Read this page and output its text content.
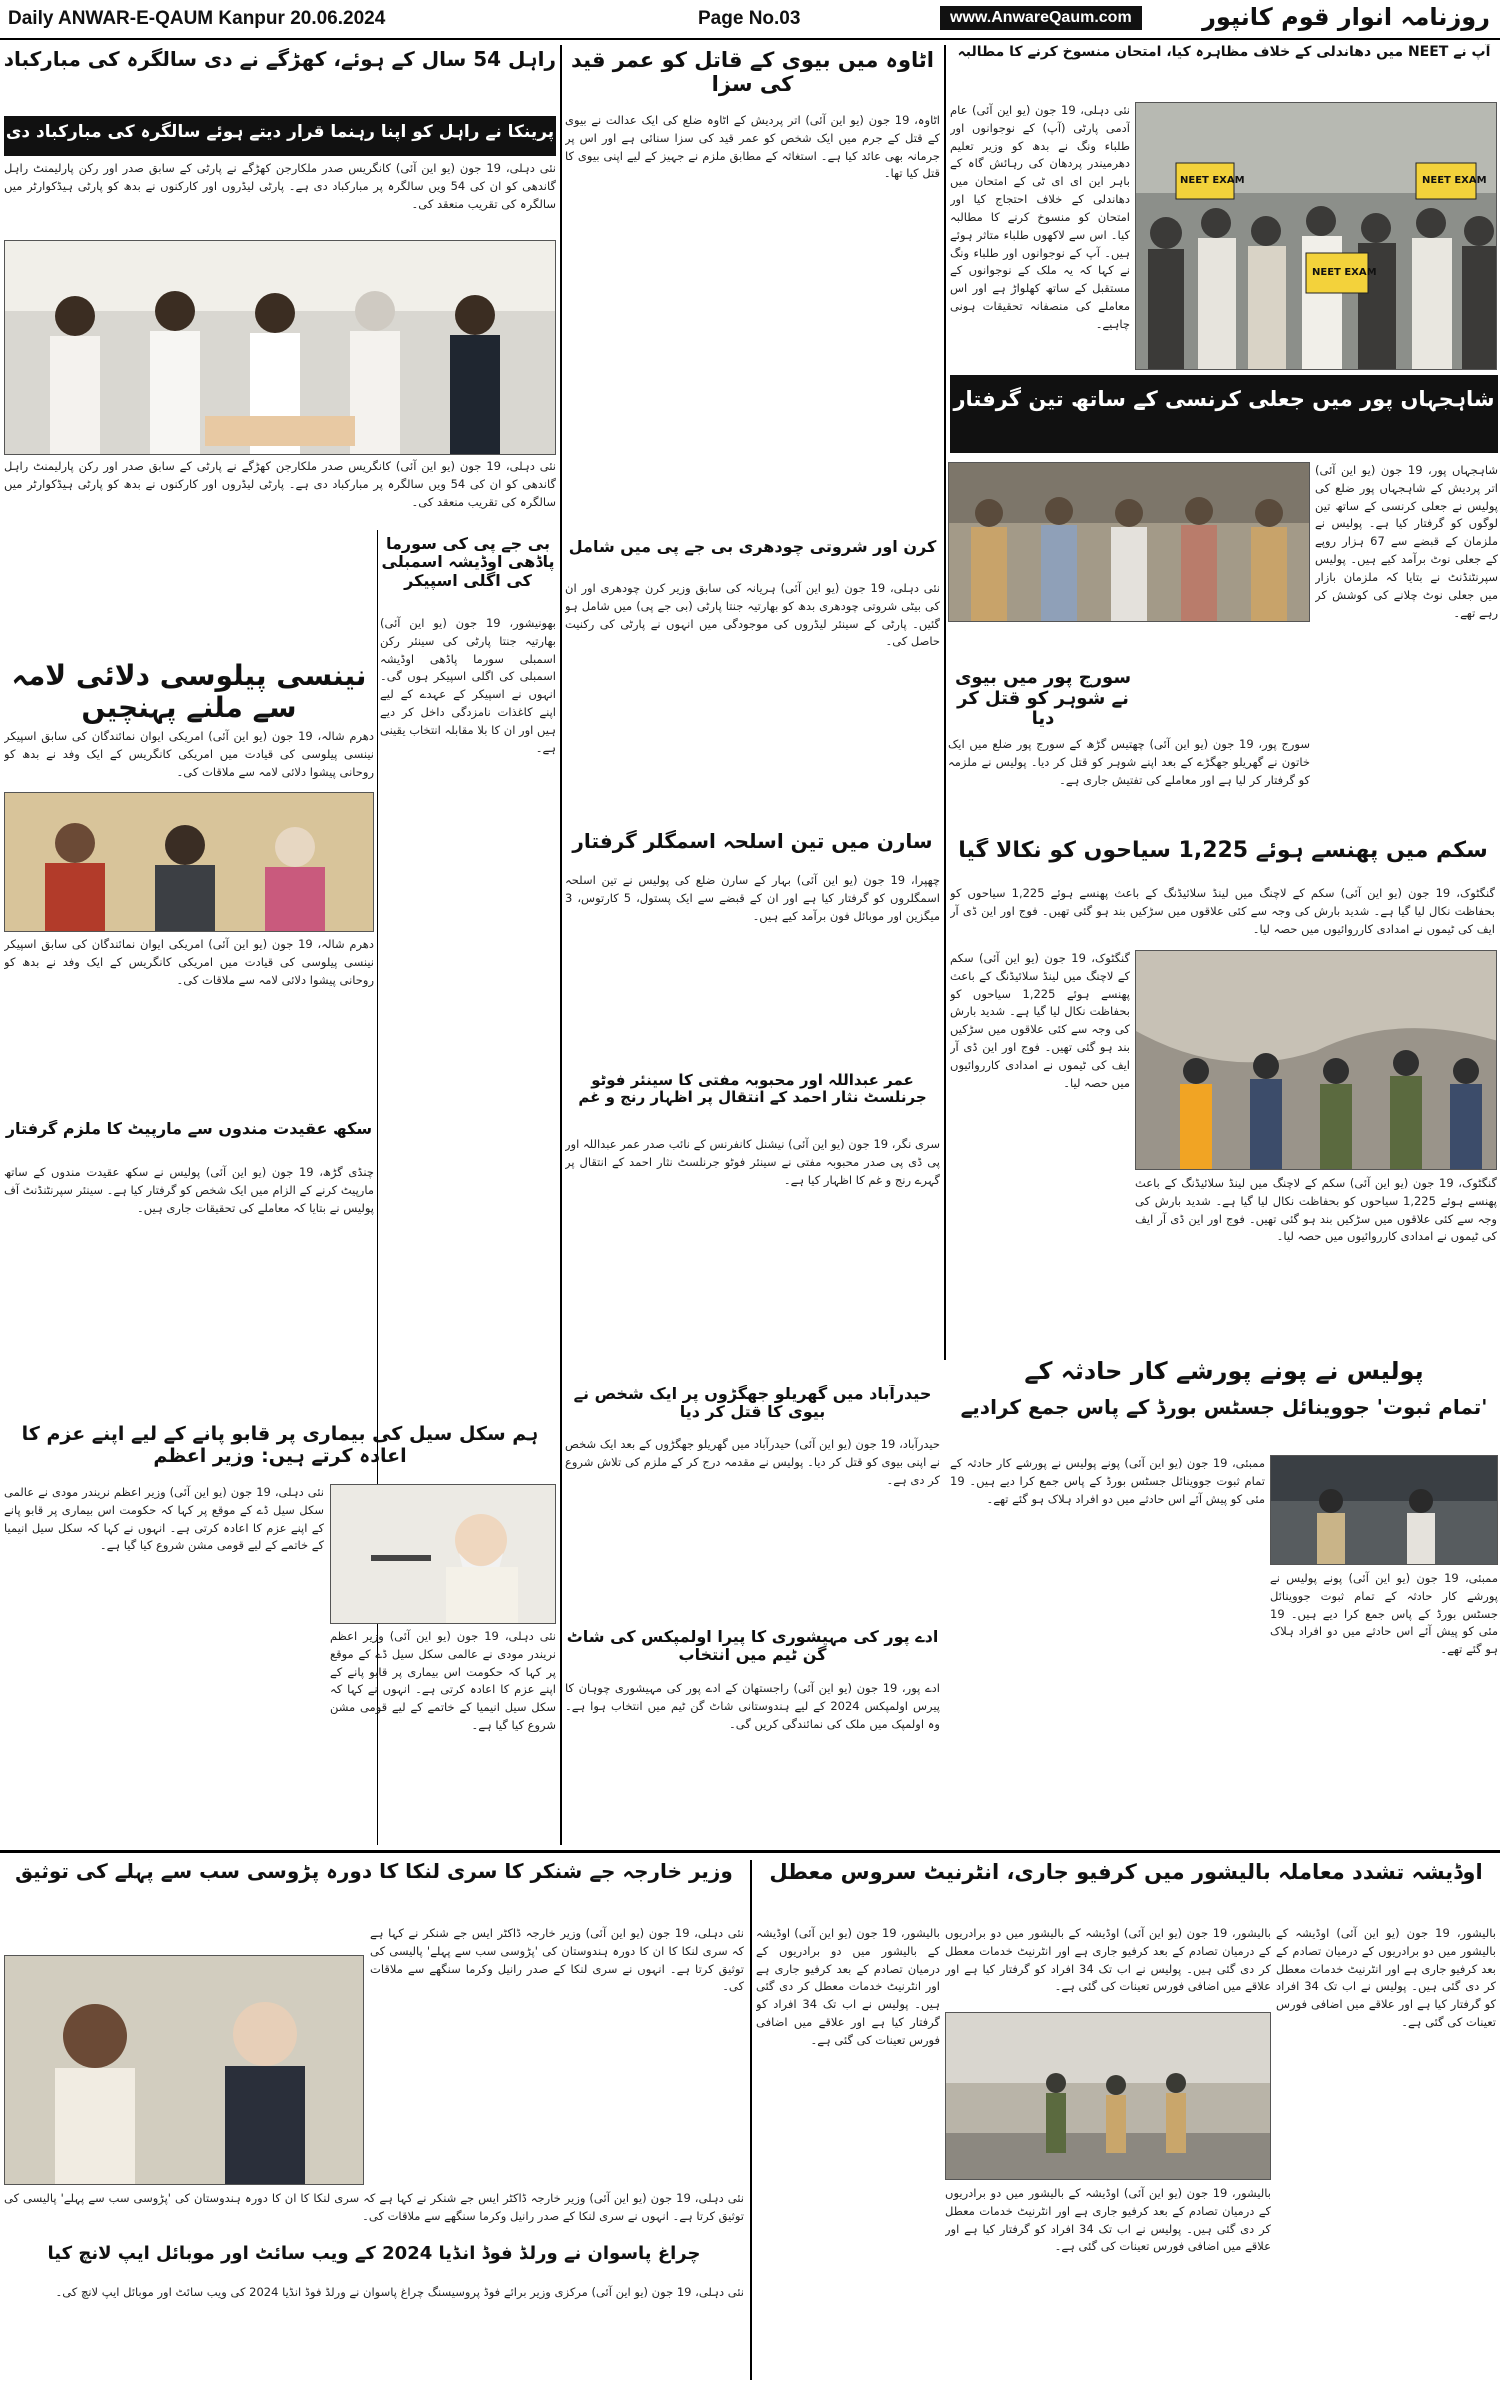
Daily ANWAR-E-QAUM Kanpur 20.06.2024	Page No.03	www.AnwareQaum.com	روزنامہ انوار قوم کانپور
آپ نے NEET میں دھاندلی کے خلاف مظاہرہ کیا، امتحان منسوخ کرنے کا مطالبہ
NEET EXAM
NEET EXAM
NEET EXAM
نئی دہلی، 19 جون (یو این آئی) عام آدمی پارٹی (آپ) کے نوجوانوں اور طلباء ونگ نے بدھ کو وزیر تعلیم دھرمیندر پردھان کی رہائش گاہ کے باہر این ای ای ٹی کے امتحان میں دھاندلی کے خلاف احتجاج کیا اور امتحان کو منسوخ کرنے کا مطالبہ کیا۔ اس سے لاکھوں طلباء متاثر ہوئے ہیں۔ آپ کے نوجوانوں اور طلباء ونگ نے کہا کہ یہ ملک کے نوجوانوں کے مستقبل کے ساتھ کھلواڑ ہے اور اس معاملے کی منصفانہ تحقیقات ہونی چاہیے۔
شاہجہاں پور میں جعلی کرنسی کے ساتھ تین گرفتار
شاہجہاں پور، 19 جون (یو این آئی) اتر پردیش کے شاہجہاں پور ضلع کی پولیس نے جعلی کرنسی کے ساتھ تین لوگوں کو گرفتار کیا ہے۔ پولیس نے ملزمان کے قبضے سے 67 ہزار روپے کے جعلی نوٹ برآمد کیے ہیں۔ پولیس سپرنٹنڈنٹ نے بتایا کہ ملزمان بازار میں جعلی نوٹ چلانے کی کوشش کر رہے تھے۔
سورج پور میں بیوی نے شوہر کو قتل کر دیا
سورج پور، 19 جون (یو این آئی) چھتیس گڑھ کے سورج پور ضلع میں ایک خاتون نے گھریلو جھگڑے کے بعد اپنے شوہر کو قتل کر دیا۔ پولیس نے ملزمہ کو گرفتار کر لیا ہے اور معاملے کی تفتیش جاری ہے۔
سکم میں پھنسے ہوئے 1,225 سیاحوں کو نکالا گیا
گنگٹوک، 19 جون (یو این آئی) سکم کے لاچنگ میں لینڈ سلائیڈنگ کے باعث پھنسے ہوئے 1,225 سیاحوں کو بحفاظت نکال لیا گیا ہے۔ شدید بارش کی وجہ سے کئی علاقوں میں سڑکیں بند ہو گئی تھیں۔ فوج اور این ڈی آر ایف کی ٹیموں نے امدادی کارروائیوں میں حصہ لیا۔
گنگٹوک، 19 جون (یو این آئی) سکم کے لاچنگ میں لینڈ سلائیڈنگ کے باعث پھنسے ہوئے 1,225 سیاحوں کو بحفاظت نکال لیا گیا ہے۔ شدید بارش کی وجہ سے کئی علاقوں میں سڑکیں بند ہو گئی تھیں۔ فوج اور این ڈی آر ایف کی ٹیموں نے امدادی کارروائیوں میں حصہ لیا۔
گنگٹوک، 19 جون (یو این آئی) سکم کے لاچنگ میں لینڈ سلائیڈنگ کے باعث پھنسے ہوئے 1,225 سیاحوں کو بحفاظت نکال لیا گیا ہے۔ شدید بارش کی وجہ سے کئی علاقوں میں سڑکیں بند ہو گئی تھیں۔ فوج اور این ڈی آر ایف کی ٹیموں نے امدادی کارروائیوں میں حصہ لیا۔
پولیس نے پونے پورشے کار حادثہ کے
'تمام ثبوت' جووینائل جسٹس بورڈ کے پاس جمع کرادیے
ممبئی، 19 جون (یو این آئی) پونے پولیس نے پورشے کار حادثہ کے تمام ثبوت جووینائل جسٹس بورڈ کے پاس جمع کرا دیے ہیں۔ 19 مئی کو پیش آئے اس حادثے میں دو افراد ہلاک ہو گئے تھے۔
ممبئی، 19 جون (یو این آئی) پونے پولیس نے پورشے کار حادثہ کے تمام ثبوت جووینائل جسٹس بورڈ کے پاس جمع کرا دیے ہیں۔ 19 مئی کو پیش آئے اس حادثے میں دو افراد ہلاک ہو گئے تھے۔
اٹاوہ میں بیوی کے قاتل کو عمر قید کی سزا
اٹاوہ، 19 جون (یو این آئی) اتر پردیش کے اٹاوہ ضلع کی ایک عدالت نے بیوی کے قتل کے جرم میں ایک شخص کو عمر قید کی سزا سنائی ہے اور اس پر جرمانہ بھی عائد کیا ہے۔ استغاثہ کے مطابق ملزم نے جہیز کے لیے اپنی بیوی کا قتل کیا تھا۔
کرن اور شروتی چودھری بی جے پی میں شامل
نئی دہلی، 19 جون (یو این آئی) ہریانہ کی سابق وزیر کرن چودھری اور ان کی بیٹی شروتی چودھری بدھ کو بھارتیہ جنتا پارٹی (بی جے پی) میں شامل ہو گئیں۔ پارٹی کے سینئر لیڈروں کی موجودگی میں انہوں نے پارٹی کی رکنیت حاصل کی۔
سارن میں تین اسلحہ اسمگلر گرفتار
چھپرا، 19 جون (یو این آئی) بہار کے سارن ضلع کی پولیس نے تین اسلحہ اسمگلروں کو گرفتار کیا ہے اور ان کے قبضے سے ایک پستول، 5 کارتوس، 3 میگزین اور موبائل فون برآمد کیے ہیں۔
عمر عبداللہ اور محبوبہ مفتی کا سینئر فوٹو جرنلسٹ نثار احمد کے انتقال پر اظہار رنج و غم
سری نگر، 19 جون (یو این آئی) نیشنل کانفرنس کے نائب صدر عمر عبداللہ اور پی ڈی پی صدر محبوبہ مفتی نے سینئر فوٹو جرنلسٹ نثار احمد کے انتقال پر گہرے رنج و غم کا اظہار کیا ہے۔
حیدرآباد میں گھریلو جھگڑوں پر ایک شخص نے بیوی کا قتل کر دیا
حیدرآباد، 19 جون (یو این آئی) حیدرآباد میں گھریلو جھگڑوں کے بعد ایک شخص نے اپنی بیوی کو قتل کر دیا۔ پولیس نے مقدمہ درج کر کے ملزم کی تلاش شروع کر دی ہے۔
ادے پور کی مہیشوری کا پیرا اولمپکس کی شاٹ گن ٹیم میں انتخاب
ادے پور، 19 جون (یو این آئی) راجستھان کے ادے پور کی مہیشوری چوہان کا پیرس اولمپکس 2024 کے لیے ہندوستانی شاٹ گن ٹیم میں انتخاب ہوا ہے۔ وہ اولمپک میں ملک کی نمائندگی کریں گی۔
راہل 54 سال کے ہوئے، کھڑگے نے دی سالگرہ کی مبارکباد
پرینکا نے راہل کو اپنا رہنما قرار دیتے ہوئے سالگرہ کی مبارکباد دی
نئی دہلی، 19 جون (یو این آئی) کانگریس صدر ملکارجن کھڑگے نے پارٹی کے سابق صدر اور رکن پارلیمنٹ راہل گاندھی کو ان کی 54 ویں سالگرہ پر مبارکباد دی ہے۔ پارٹی لیڈروں اور کارکنوں نے بدھ کو پارٹی ہیڈکوارٹر میں سالگرہ کی تقریب منعقد کی۔
نئی دہلی، 19 جون (یو این آئی) کانگریس صدر ملکارجن کھڑگے نے پارٹی کے سابق صدر اور رکن پارلیمنٹ راہل گاندھی کو ان کی 54 ویں سالگرہ پر مبارکباد دی ہے۔ پارٹی لیڈروں اور کارکنوں نے بدھ کو پارٹی ہیڈکوارٹر میں سالگرہ کی تقریب منعقد کی۔
بی جے پی کی سورما پاڈھی اوڈیشہ اسمبلی کی اگلی اسپیکر
بھونیشور، 19 جون (یو این آئی) بھارتیہ جنتا پارٹی کی سینئر رکن اسمبلی سورما پاڈھی اوڈیشہ اسمبلی کی اگلی اسپیکر ہوں گی۔ انہوں نے اسپیکر کے عہدے کے لیے اپنے کاغذات نامزدگی داخل کر دیے ہیں اور ان کا بلا مقابلہ انتخاب یقینی ہے۔
نینسی پیلوسی دلائی لامہ سے ملنے پہنچیں
دھرم شالہ، 19 جون (یو این آئی) امریکی ایوان نمائندگان کی سابق اسپیکر نینسی پیلوسی کی قیادت میں امریکی کانگریس کے ایک وفد نے بدھ کو روحانی پیشوا دلائی لامہ سے ملاقات کی۔
دھرم شالہ، 19 جون (یو این آئی) امریکی ایوان نمائندگان کی سابق اسپیکر نینسی پیلوسی کی قیادت میں امریکی کانگریس کے ایک وفد نے بدھ کو روحانی پیشوا دلائی لامہ سے ملاقات کی۔
سکھ عقیدت مندوں سے مارپیٹ کا ملزم گرفتار
چنڈی گڑھ، 19 جون (یو این آئی) پولیس نے سکھ عقیدت مندوں کے ساتھ مارپیٹ کرنے کے الزام میں ایک شخص کو گرفتار کیا ہے۔ سینئر سپرنٹنڈنٹ آف پولیس نے بتایا کہ معاملے کی تحقیقات جاری ہیں۔
ہم سکل سیل کی بیماری پر قابو پانے کے لیے اپنے عزم کا اعادہ کرتے ہیں: وزیر اعظم
نئی دہلی، 19 جون (یو این آئی) وزیر اعظم نریندر مودی نے عالمی سکل سیل ڈے کے موقع پر کہا کہ حکومت اس بیماری پر قابو پانے کے اپنے عزم کا اعادہ کرتی ہے۔ انہوں نے کہا کہ سکل سیل انیمیا کے خاتمے کے لیے قومی مشن شروع کیا گیا ہے۔
نئی دہلی، 19 جون (یو این آئی) وزیر اعظم نریندر مودی نے عالمی سکل سیل ڈے کے موقع پر کہا کہ حکومت اس بیماری پر قابو پانے کے اپنے عزم کا اعادہ کرتی ہے۔ انہوں نے کہا کہ سکل سیل انیمیا کے خاتمے کے لیے قومی مشن شروع کیا گیا ہے۔
وزیر خارجہ جے شنکر کا سری لنکا کا دورہ پڑوسی سب سے پہلے کی توثیق
نئی دہلی، 19 جون (یو این آئی) وزیر خارجہ ڈاکٹر ایس جے شنکر نے کہا ہے کہ سری لنکا کا ان کا دورہ ہندوستان کی 'پڑوسی سب سے پہلے' پالیسی کی توثیق کرتا ہے۔ انہوں نے سری لنکا کے صدر رانیل وکرما سنگھے سے ملاقات کی۔
نئی دہلی، 19 جون (یو این آئی) وزیر خارجہ ڈاکٹر ایس جے شنکر نے کہا ہے کہ سری لنکا کا ان کا دورہ ہندوستان کی 'پڑوسی سب سے پہلے' پالیسی کی توثیق کرتا ہے۔ انہوں نے سری لنکا کے صدر رانیل وکرما سنگھے سے ملاقات کی۔
چراغ پاسوان نے ورلڈ فوڈ انڈیا 2024 کے ویب سائٹ اور موبائل ایپ لانچ کیا
نئی دہلی، 19 جون (یو این آئی) مرکزی وزیر برائے فوڈ پروسیسنگ چراغ پاسوان نے ورلڈ فوڈ انڈیا 2024 کی ویب سائٹ اور موبائل ایپ لانچ کی۔
اوڈیشہ تشدد معاملہ بالیشور میں کرفیو جاری، انٹرنیٹ سروس معطل
بالیشور، 19 جون (یو این آئی) اوڈیشہ کے بالیشور میں دو برادریوں کے درمیان تصادم کے بعد کرفیو جاری ہے اور انٹرنیٹ خدمات معطل کر دی گئی ہیں۔ پولیس نے اب تک 34 افراد کو گرفتار کیا ہے اور علاقے میں اضافی فورس تعینات کی گئی ہے۔
بالیشور، 19 جون (یو این آئی) اوڈیشہ کے بالیشور میں دو برادریوں کے درمیان تصادم کے بعد کرفیو جاری ہے اور انٹرنیٹ خدمات معطل کر دی گئی ہیں۔ پولیس نے اب تک 34 افراد کو گرفتار کیا ہے اور علاقے میں اضافی فورس تعینات کی گئی ہے۔
بالیشور، 19 جون (یو این آئی) اوڈیشہ کے بالیشور میں دو برادریوں کے درمیان تصادم کے بعد کرفیو جاری ہے اور انٹرنیٹ خدمات معطل کر دی گئی ہیں۔ پولیس نے اب تک 34 افراد کو گرفتار کیا ہے اور علاقے میں اضافی فورس تعینات کی گئی ہے۔
بالیشور، 19 جون (یو این آئی) اوڈیشہ کے بالیشور میں دو برادریوں کے درمیان تصادم کے بعد کرفیو جاری ہے اور انٹرنیٹ خدمات معطل کر دی گئی ہیں۔ پولیس نے اب تک 34 افراد کو گرفتار کیا ہے اور علاقے میں اضافی فورس تعینات کی گئی ہے۔
